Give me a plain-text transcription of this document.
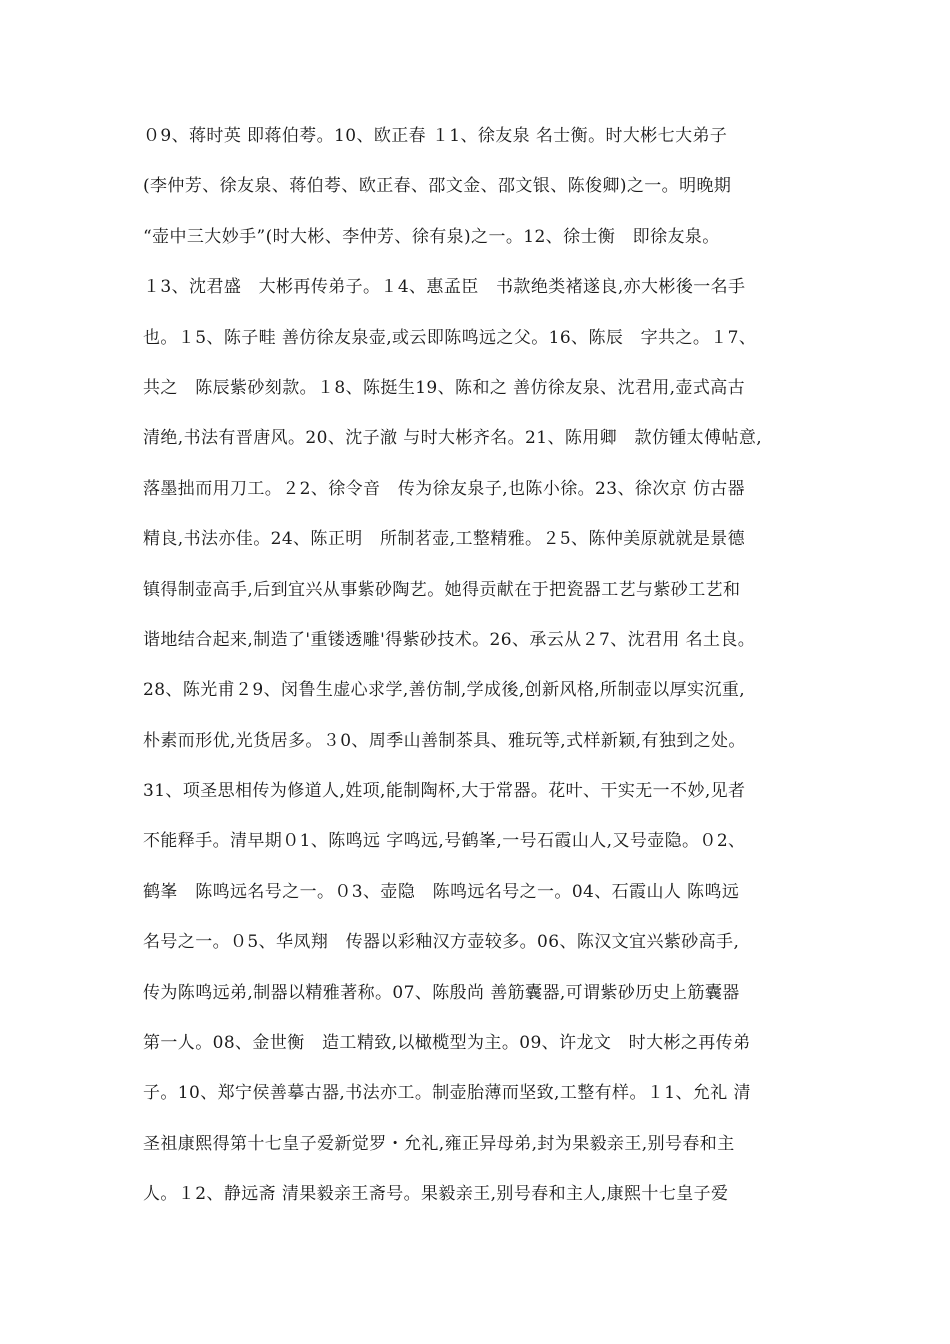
０9、蒋时英 即蒋伯荂。10、欧正春 １1、徐友泉 名士衡。时大彬七大弟子
(李仲芳、徐友泉、蒋伯荂、欧正春、邵文金、邵文银、陈俊卿)之一。明晚期
“壶中三大妙手”(时大彬、李仲芳、徐有泉)之一。12、徐士衡　即徐友泉。
１3、沈君盛　大彬再传弟子。１4、惠孟臣　书款绝类褚遂良,亦大彬後一名手
也。１5、陈子畦 善仿徐友泉壶,或云即陈鸣远之父。16、陈辰　字共之。１7、
共之　陈辰紫砂刻款。１8、陈挺生19、陈和之 善仿徐友泉、沈君用,壶式高古
清绝,书法有晋唐风。20、沈子澈 与时大彬齐名。21、陈用卿　款仿锺太傅帖意,
落墨拙而用刀工。２2、徐令音　传为徐友泉子,也陈小徐。23、徐次京 仿古器
精良,书法亦佳。24、陈正明　所制茗壶,工整精雅。２5、陈仲美原就就是景德
镇得制壶高手,后到宜兴从事紫砂陶艺。她得贡献在于把瓷器工艺与紫砂工艺和
谐地结合起来,制造了'重镂透雕'得紫砂技术。26、承云从２7、沈君用 名土良。
28、陈光甫２9、闵鲁生虚心求学,善仿制,学成後,创新风格,所制壶以厚实沉重,
朴素而形优,光货居多。３0、周季山善制茶具、雅玩等,式样新颖,有独到之处。
31、项圣思相传为修道人,姓项,能制陶杯,大于常器。花叶、干实无一不妙,见者
不能释手。清早期０1、陈鸣远 字鸣远,号鹤峯,一号石霞山人,又号壶隐。０2、
鹤峯　陈鸣远名号之一。０3、壶隐　陈鸣远名号之一。04、石霞山人 陈鸣远
名号之一。０5、华凤翔　传器以彩釉汉方壶较多。06、陈汉文宜兴紫砂高手,
传为陈鸣远弟,制器以精雅著称。07、陈殷尚 善筋囊器,可谓紫砂历史上筋囊器
第一人。08、金世衡　造工精致,以橄榄型为主。09、许龙文　时大彬之再传弟
子。10、郑宁侯善摹古器,书法亦工。制壶胎薄而坚致,工整有样。１1、允礼 清
圣祖康熙得第十七皇子爱新觉罗・允礼,雍正异母弟,封为果毅亲王,别号春和主
人。１2、静远斋 清果毅亲王斋号。果毅亲王,别号春和主人,康熙十七皇子爱
